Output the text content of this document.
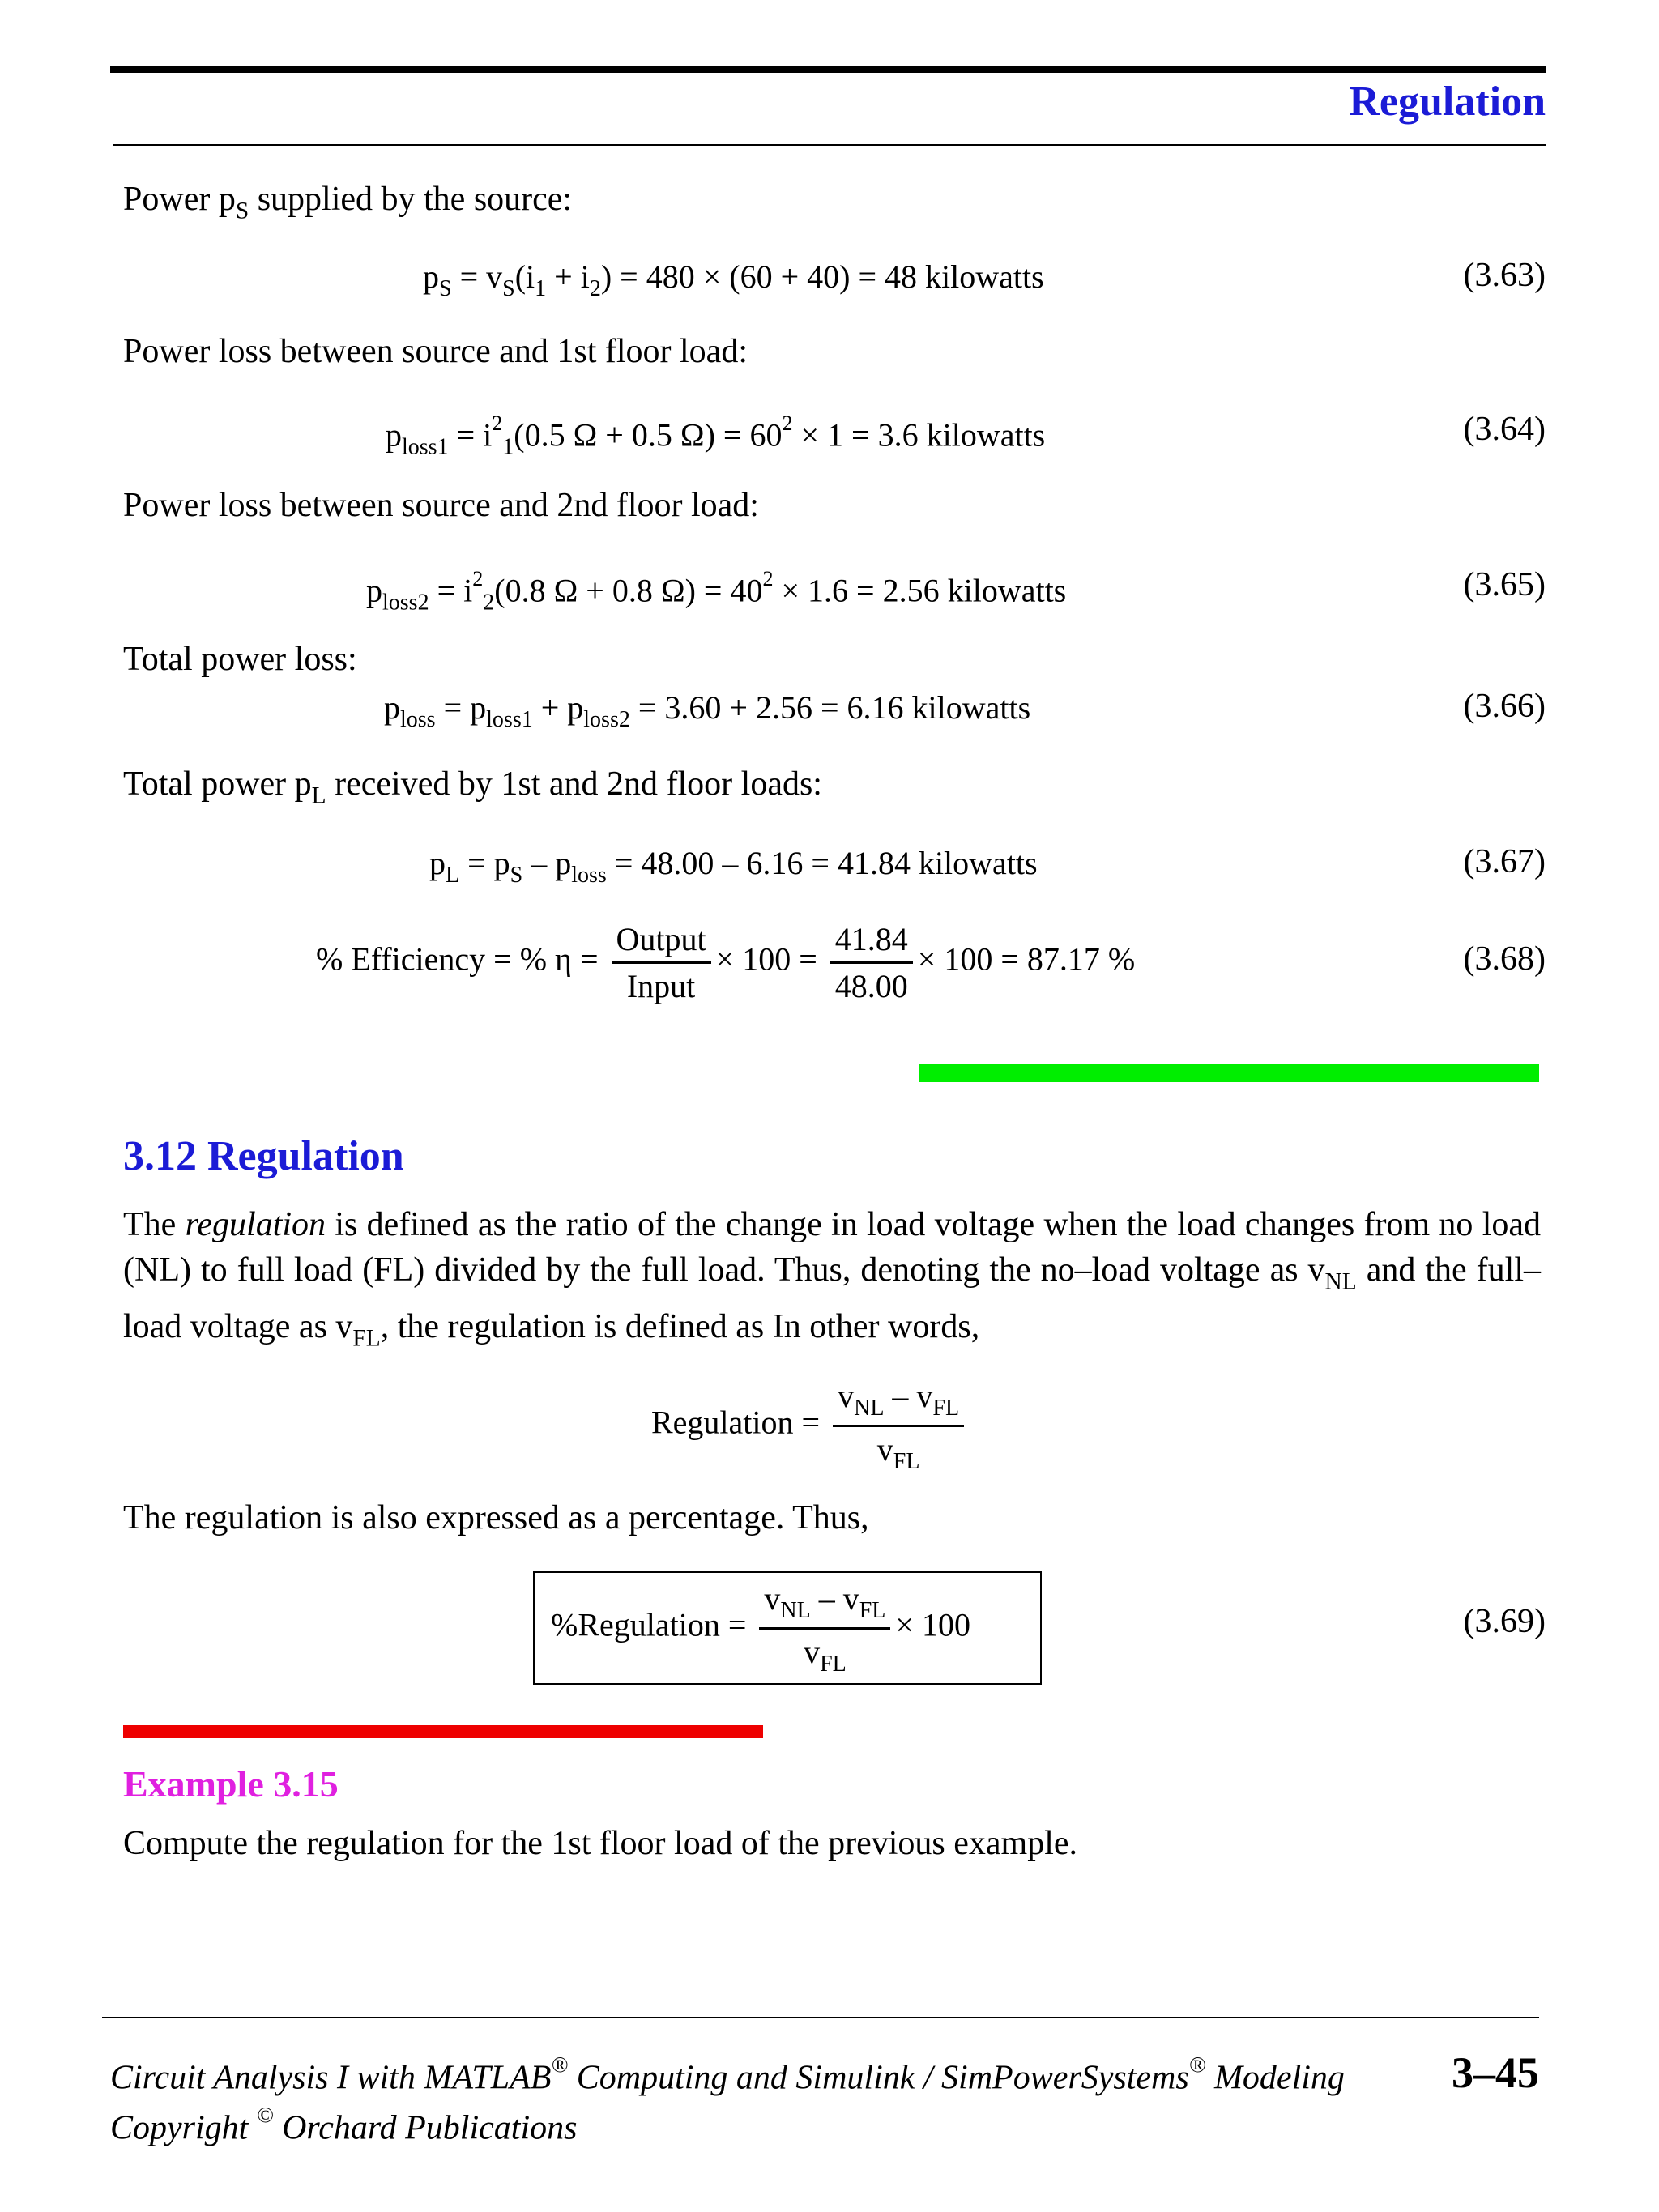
Regulation
Power $p_S$ supplied by the source:
$p_S = v_S(i_1 + i_2) = 480 \times (60 + 40) = 48$ kilowatts	(3.63)
Power loss between source and 1st floor load:
$p_{loss1} = i^2_1(0.5$ Ω + 0.5 $\Omega) = 60^2 \times 1 = 3.6$ kilowatts	(3.64)
Power loss between source and 2nd floor load:
$p_{loss2} = i^2_2(0.8$ Ω + 0.8 $\Omega) = 40^2 \times 1.6 = 2.56$ kilowatts	(3.65)
Total power loss:
$p_{loss} = p_{loss1} + p_{loss2} = 3.60 + 2.56 = 6.16$ kilowatts	(3.66)
Total power $p_L$ received by 1st and 2nd floor loads:
$p_L = p_S - p_{loss} = 48.00 - 6.16 = 41.84$ kilowatts	(3.67)
% Efficiency = % $\eta = \frac{\text{Output}}{\text{Input}} \times 100 = \frac{41.84}{48.00} \times 100 = 87.17$ %	(3.68)
3.12 Regulation
The regulation is defined as the ratio of the change in load voltage when the load changes from no load (NL) to full load (FL) divided by the full load. Thus, denoting the no–load voltage as $v_{NL}$ and the full–load voltage as $v_{FL}$, the regulation is defined as In other words,
Regulation = $\frac{v_{NL} - v_{FL}}{v_{FL}}$
The regulation is also expressed as a percentage. Thus,
%Regulation = $\frac{v_{NL} - v_{FL}}{v_{FL}} \times 100$	(3.69)
Example 3.15
Compute the regulation for the 1st floor load of the previous example.
Circuit Analysis I with MATLAB® Computing and Simulink / SimPowerSystems® Modeling
Copyright © Orchard Publications
3–45
